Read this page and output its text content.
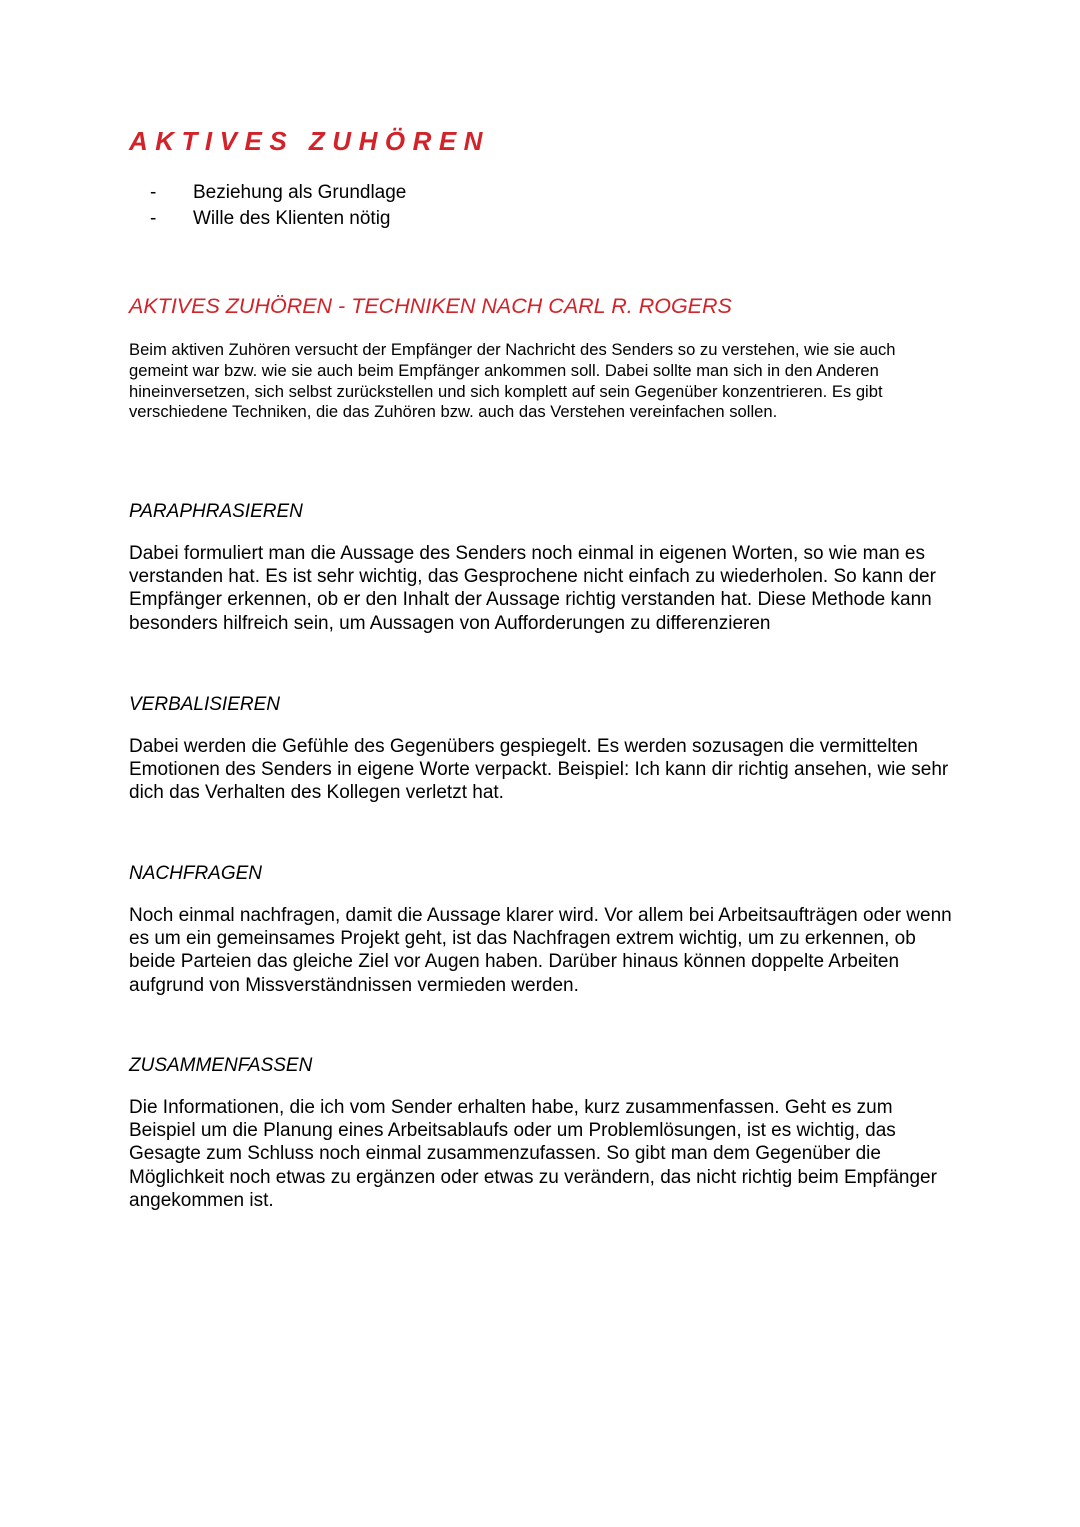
AKTIVES ZUHÖREN
- Beziehung als Grundlage
- Wille des Klienten nötig
AKTIVES ZUHÖREN - TECHNIKEN NACH CARL R. ROGERS

Beim aktiven Zuhören versucht der Empfänger der Nachricht des Senders so zu verstehen, wie sie auch gemeint war bzw. wie sie auch beim Empfänger ankommen soll. Dabei sollte man sich in den Anderen hineinversetzen, sich selbst zurückstellen und sich komplett auf sein Gegenüber konzentrieren. Es gibt verschiedene Techniken, die das Zuhören bzw. auch das Verstehen vereinfachen sollen.

PARAPHRASIEREN

Dabei formuliert man die Aussage des Senders noch einmal in eigenen Worten, so wie man es verstanden hat. Es ist sehr wichtig, das Gesprochene nicht einfach zu wiederholen. So kann der Empfänger erkennen, ob er den Inhalt der Aussage richtig verstanden hat. Diese Methode kann besonders hilfreich sein, um Aussagen von Aufforderungen zu differenzieren

VERBALISIEREN

Dabei werden die Gefühle des Gegenübers gespiegelt. Es werden sozusagen die vermittelten Emotionen des Senders in eigene Worte verpackt. Beispiel: Ich kann dir richtig ansehen, wie sehr dich das Verhalten des Kollegen verletzt hat.

NACHFRAGEN

Noch einmal nachfragen, damit die Aussage klarer wird. Vor allem bei Arbeitsaufträgen oder wenn es um ein gemeinsames Projekt geht, ist das Nachfragen extrem wichtig, um zu erkennen, ob beide Parteien das gleiche Ziel vor Augen haben. Darüber hinaus können doppelte Arbeiten aufgrund von Missverständnissen vermieden werden.

ZUSAMMENFASSEN

Die Informationen, die ich vom Sender erhalten habe, kurz zusammenfassen. Geht es zum Beispiel um die Planung eines Arbeitsablaufs oder um Problemlösungen, ist es wichtig, das Gesagte zum Schluss noch einmal zusammenzufassen. So gibt man dem Gegenüber die Möglichkeit noch etwas zu ergänzen oder etwas zu verändern, das nicht richtig beim Empfänger angekommen ist.
